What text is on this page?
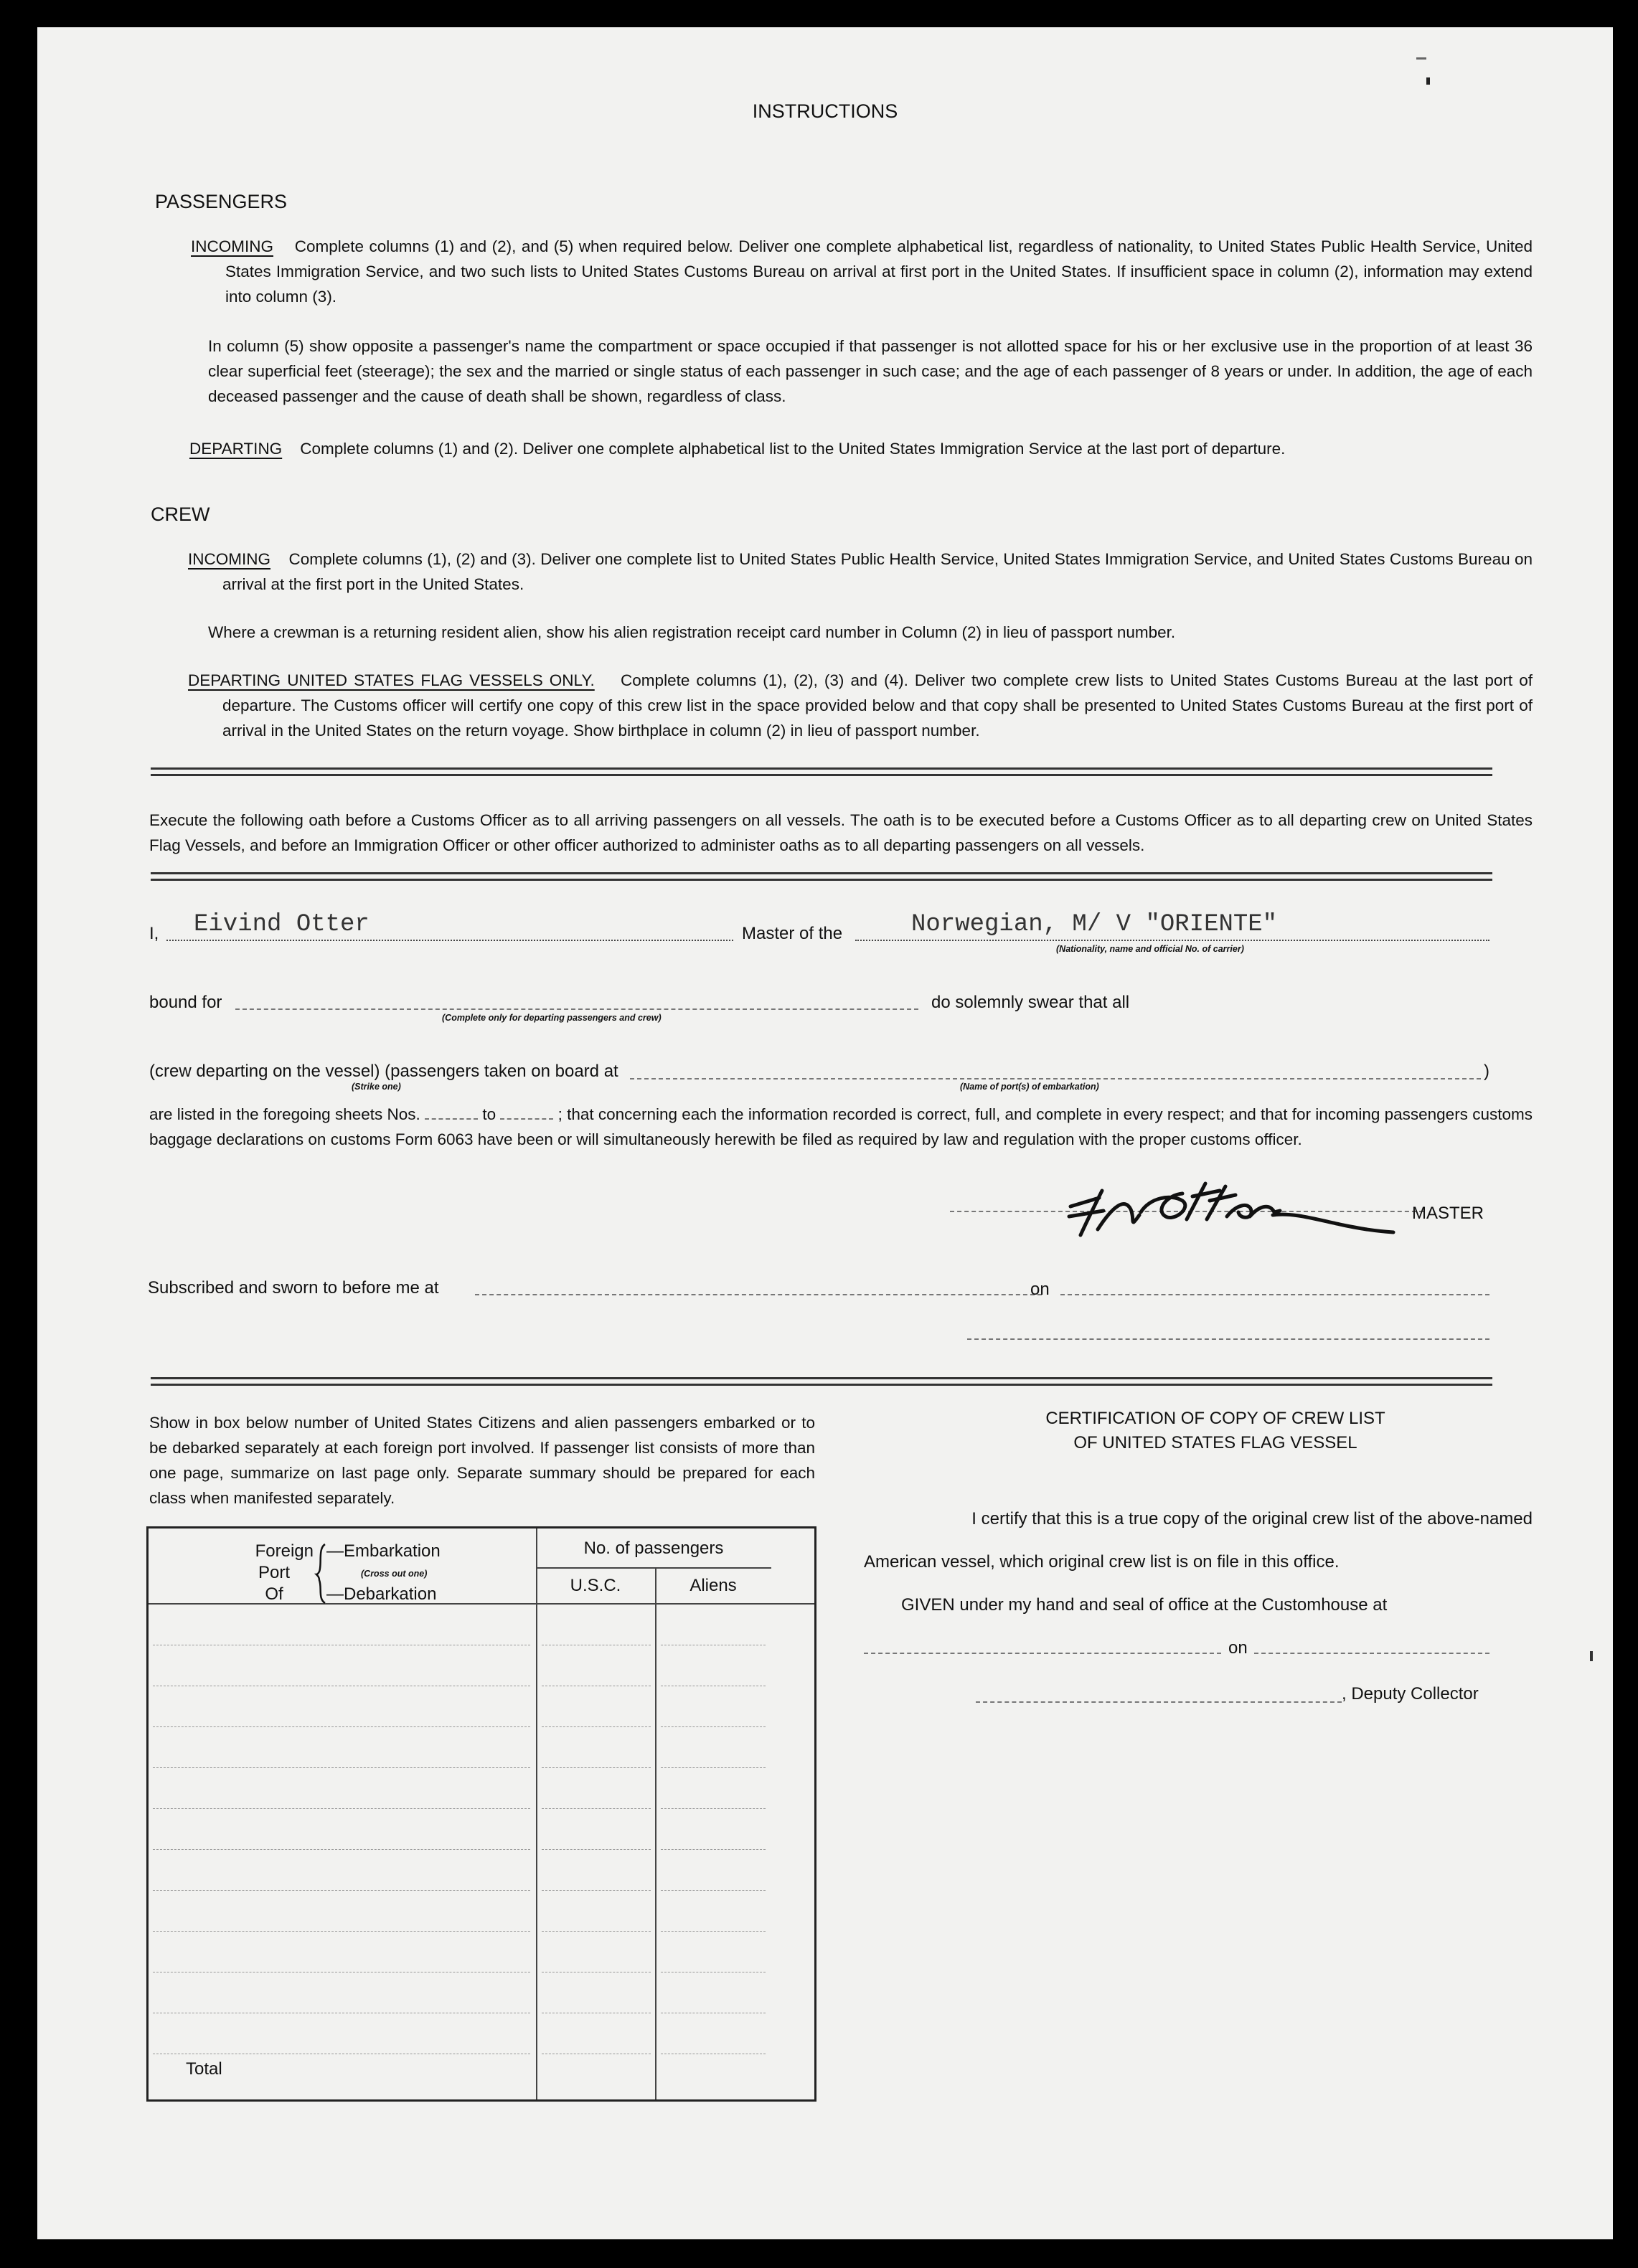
INSTRUCTIONS
PASSENGERS
INCOMING Complete columns (1) and (2), and (5) when required below. Deliver one complete alphabetical list, regardless of nationality, to United States Public Health Service, United States Immigration Service, and two such lists to United States Customs Bureau on arrival at first port in the United States. If insufficient space in column (2), information may extend into column (3).
In column (5) show opposite a passenger's name the compartment or space occupied if that passenger is not allotted space for his or her exclusive use in the proportion of at least 36 clear superficial feet (steerage); the sex and the married or single status of each passenger in such case; and the age of each passenger of 8 years or under. In addition, the age of each deceased passenger and the cause of death shall be shown, regardless of class.
DEPARTING Complete columns (1) and (2). Deliver one complete alphabetical list to the United States Immigration Service at the last port of departure.
CREW
INCOMING Complete columns (1), (2) and (3). Deliver one complete list to United States Public Health Service, United States Immigration Service, and United States Customs Bureau on arrival at the first port in the United States.
Where a crewman is a returning resident alien, show his alien registration receipt card number in Column (2) in lieu of passport number.
DEPARTING UNITED STATES FLAG VESSELS ONLY. Complete columns (1), (2), (3) and (4). Deliver two complete crew lists to United States Customs Bureau at the last port of departure. The Customs officer will certify one copy of this crew list in the space provided below and that copy shall be presented to United States Customs Bureau at the first port of arrival in the United States on the return voyage. Show birthplace in column (2) in lieu of passport number.
Execute the following oath before a Customs Officer as to all arriving passengers on all vessels. The oath is to be executed before a Customs Officer as to all departing crew on United States Flag Vessels, and before an Immigration Officer or other officer authorized to administer oaths as to all departing passengers on all vessels.
I, Eivind Otter	Master of the	Norwegian, M/ V "ORIENTE"
(Nationality, name and official No. of carrier)
bound for
(Complete only for departing passengers and crew)
do solemnly swear that all
(crew departing on the vessel) (passengers taken on board at	)
(Strike one)	(Name of port(s) of embarkation)
are listed in the foregoing sheets Nos.	to	; that concerning each the information recorded is correct, full, and complete in every respect; and that for incoming passengers customs baggage declarations on customs Form 6063 have been or will simultaneously herewith be filed as required by law and regulation with the proper customs officer.
MASTER
Subscribed and sworn to before me at	on
Show in box below number of United States Citizens and alien passengers embarked or to be debarked separately at each foreign port involved. If passenger list consists of more than one page, summarize on last page only. Separate summary should be prepared for each class when manifested separately.
Foreign
Port
Of
—Embarkation
(Cross out one)
—Debarkation
No. of passengers
U.S.C.	Aliens
Total
CERTIFICATION OF COPY OF CREW LIST
OF UNITED STATES FLAG VESSEL
I certify that this is a true copy of the original crew list of the above-named
American vessel, which original crew list is on file in this office.
GIVEN under my hand and seal of office at the Customhouse at
on
, Deputy Collector
